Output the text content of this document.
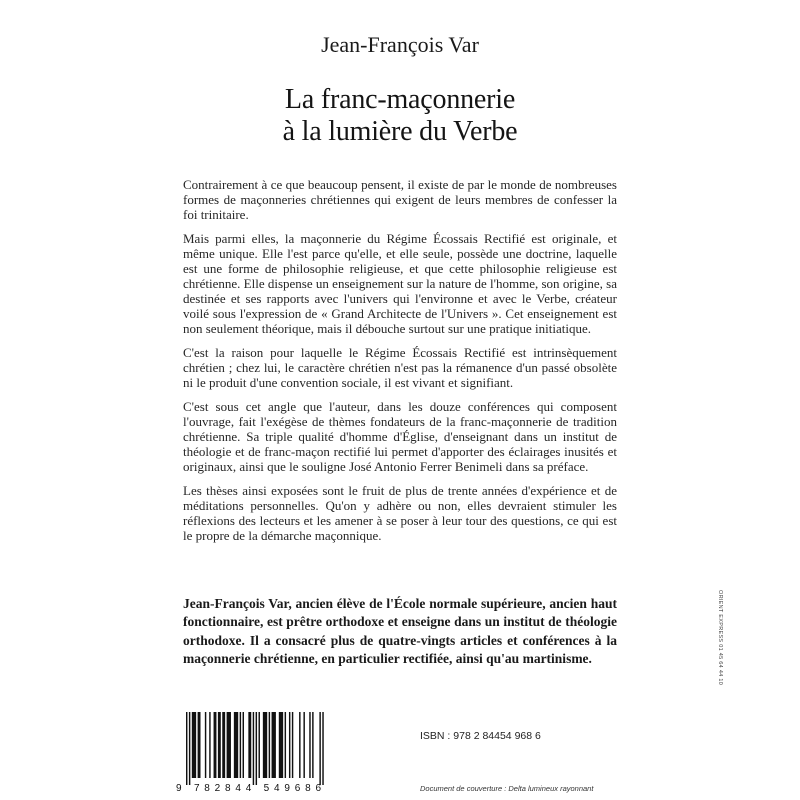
Jean-François Var
La franc-maçonnerie
à la lumière du Verbe

Contrairement à ce que beaucoup pensent, il existe de par le monde de nombreuses formes de maçonneries chrétiennes qui exigent de leurs membres de confesser la foi trinitaire.

Mais parmi elles, la maçonnerie du Régime Écossais Rectifié est originale, et même unique. Elle l'est parce qu'elle, et elle seule, possède une doctrine, laquelle est une forme de philosophie religieuse, et que cette philosophie religieuse est chrétienne. Elle dispense un enseignement sur la nature de l'homme, son origine, sa destinée et ses rapports avec l'univers qui l'environne et avec le Verbe, créateur voilé sous l'expression de « Grand Architecte de l'Univers ». Cet enseignement est non seulement théorique, mais il débouche surtout sur une pratique initiatique.

C'est la raison pour laquelle le Régime Écossais Rectifié est intrinsèquement chrétien ; chez lui, le caractère chrétien n'est pas la rémanence d'un passé obsolète ni le produit d'une convention sociale, il est vivant et signifiant.

C'est sous cet angle que l'auteur, dans les douze conférences qui composent l'ouvrage, fait l'exégèse de thèmes fondateurs de la franc-maçonnerie de tradition chrétienne. Sa triple qualité d'homme d'Église, d'enseignant dans un institut de théologie et de franc-maçon rectifié lui permet d'apporter des éclairages inusités et originaux, ainsi que le souligne José Antonio Ferrer Benimeli dans sa préface.

Les thèses ainsi exposées sont le fruit de plus de trente années d'expérience et de méditations personnelles. Qu'on y adhère ou non, elles devraient stimuler les réflexions des lecteurs et les amener à se poser à leur tour des questions, ce qui est le propre de la démarche maçonnique.

Jean-François Var, ancien élève de l'École normale supérieure, ancien haut fonctionnaire, est prêtre orthodoxe et enseigne dans un institut de théologie orthodoxe. Il a consacré plus de quatre-vingts articles et conférences à la maçonnerie chrétienne, en particulier rectifiée, ainsi qu'au martinisme.
9 782844 549686
ISBN : 978 2 84454 968 6
Document de couverture : Delta lumineux rayonnant
ORIENT EXPRESS 01 45 64 44 10
